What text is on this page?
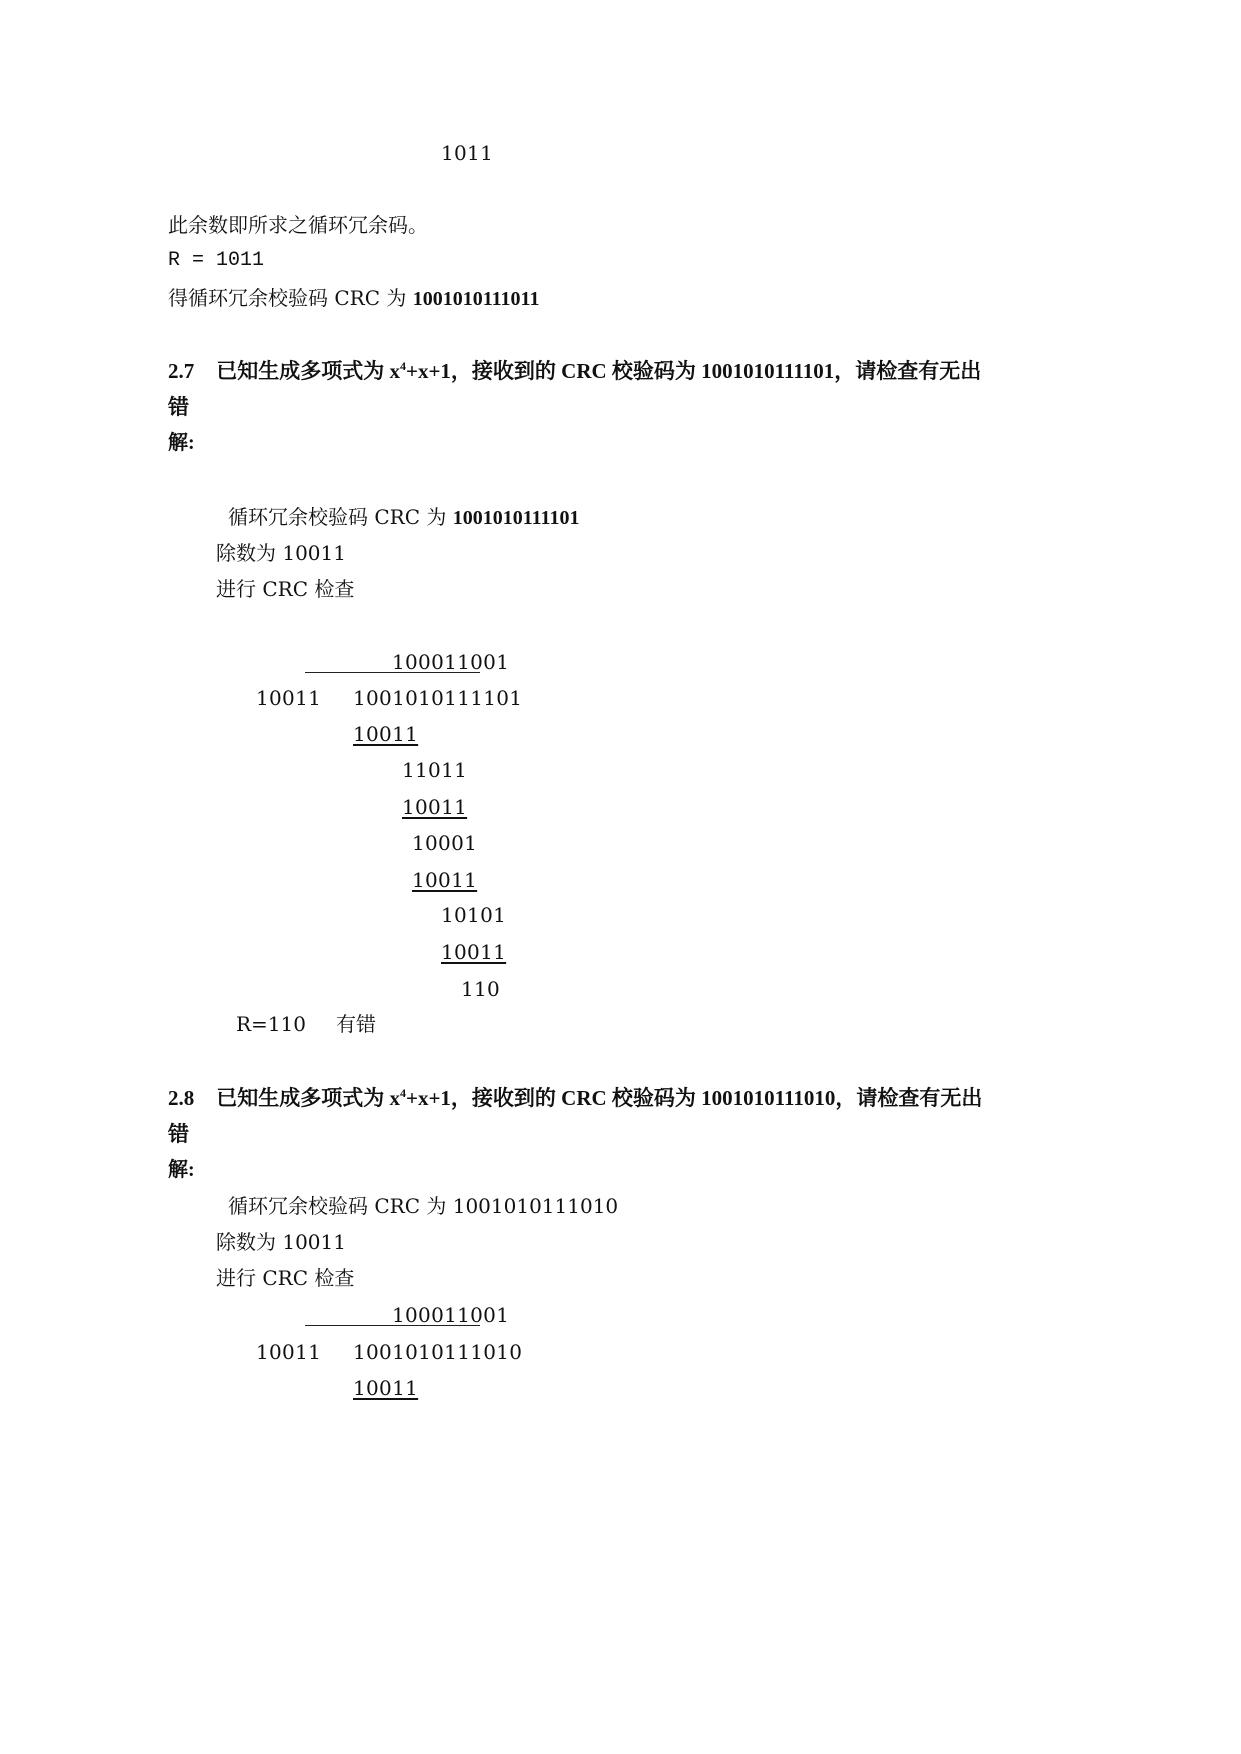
1011
此余数即所求之循环冗余码。
R = 1011
得循环冗余校验码 CRC 为 1001010111011
2.7 已知生成多项式为 $x^4+x+1$，接收到的 CRC 校验码为 1001010111101，请检查有无出
错
解:
循环冗余校验码 CRC 为 1001010111101
除数为 10011
进行 CRC 检查
100011001
10011 1001010111101
10011
11011
10011
10001
10011
10101
10011
110
R=110 有错
2.8 已知生成多项式为 $x^4+x+1$，接收到的 CRC 校验码为 1001010111010，请检查有无出
错
解:
循环冗余校验码 CRC 为 1001010111010
除数为 10011
进行 CRC 检查
100011001
10011 1001010111010
10011
